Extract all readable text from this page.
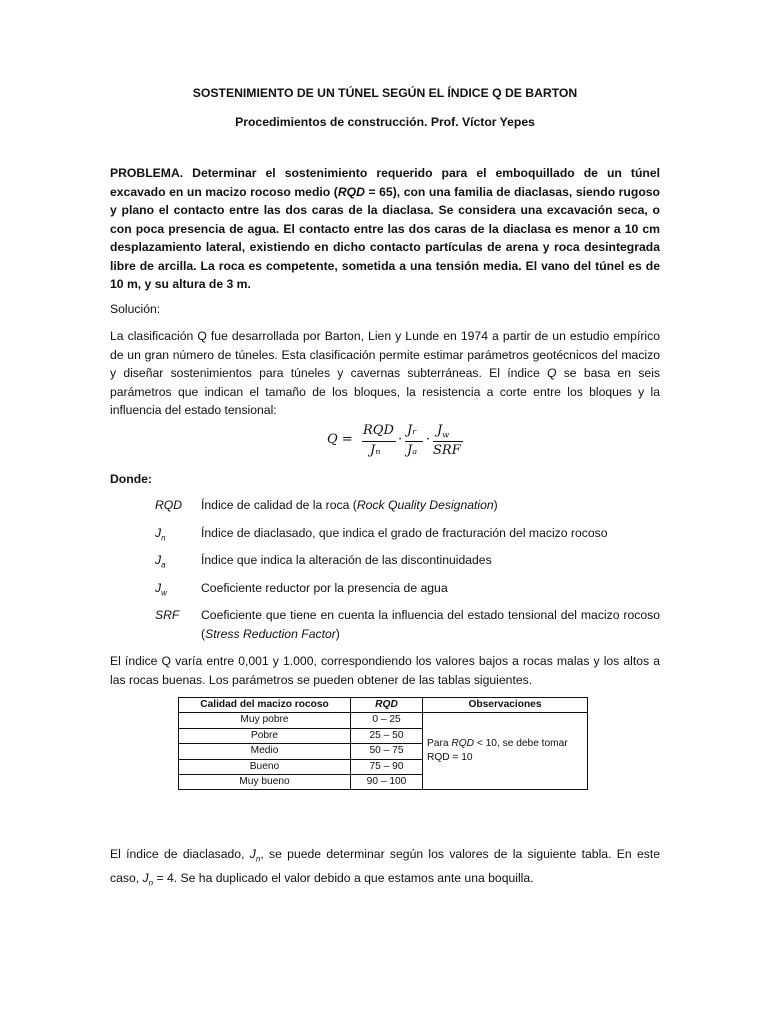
SOSTENIMIENTO DE UN TÚNEL SEGÚN EL ÍNDICE Q DE BARTON
Procedimientos de construcción. Prof. Víctor Yepes

PROBLEMA. Determinar el sostenimiento requerido para el emboquillado de un túnel excavado en un macizo rocoso medio (RQD = 65), con una familia de diaclasas, siendo rugoso y plano el contacto entre las dos caras de la diaclasa. Se considera una excavación seca, o con poca presencia de agua. El contacto entre las dos caras de la diaclasa es menor a 10 cm desplazamiento lateral, existiendo en dicho contacto partículas de arena y roca desintegrada libre de arcilla. La roca es competente, sometida a una tensión media. El vano del túnel es de 10 m, y su altura de 3 m.

Solución:

La clasificación Q fue desarrollada por Barton, Lien y Lunde en 1974 a partir de un estudio empírico de un gran número de túneles. Esta clasificación permite estimar parámetros geotécnicos del macizo y diseñar sostenimientos para túneles y cavernas subterráneas. El índice Q se basa en seis parámetros que indican el tamaño de los bloques, la resistencia a corte entre los bloques y la influencia del estado tensional:

Q =
RQD
Jₙ
·
Jᵣ
Jₐ
·
$J_w$
SRF

Donde:

RQD	Índice de calidad de la roca (Rock Quality Designation)
$J_n$	Índice de diaclasado, que indica el grado de fracturación del macizo rocoso
$J_a$	Índice que indica la alteración de las discontinuidades
$J_w$	Coeficiente reductor por la presencia de agua
SRF	Coeficiente que tiene en cuenta la influencia del estado tensional del macizo rocoso (Stress Reduction Factor)

El índice Q varía entre 0,001 y 1.000, correspondiendo los valores bajos a rocas malas y los altos a las rocas buenas. Los parámetros se pueden obtener de las tablas siguientes.

Calidad del macizo rocoso	RQD	Observaciones
Muy pobre	0 – 25	Para RQD < 10, se debe tomar RQD = 10
Pobre	25 – 50	
Medio	50 – 75	
Bueno	75 – 90	
Muy bueno	90 – 100	

El índice de diaclasado, $J_n$, se puede determinar según los valores de la siguiente tabla. En este caso, $J_n = 4$. Se ha duplicado el valor debido a que estamos ante una boquilla.
